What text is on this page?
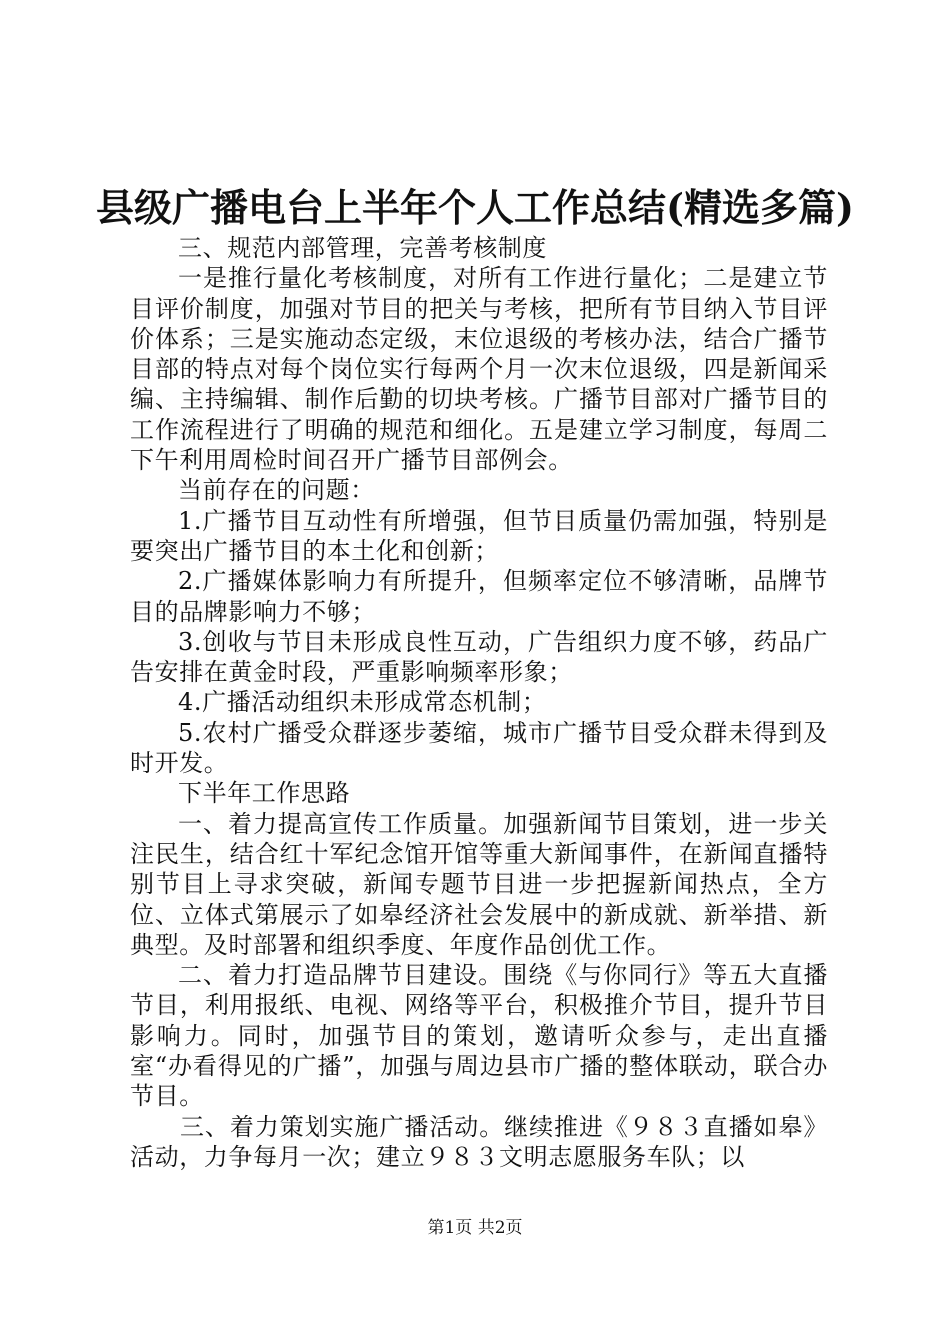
县级广播电台上半年个人工作总结(精选多篇)

三、规范内部管理，完善考核制度

一是推行量化考核制度，对所有工作进行量化；二是建立节目评价制度，加强对节目的把关与考核，把所有节目纳入节目评价体系；三是实施动态定级，末位退级的考核办法，结合广播节目部的特点对每个岗位实行每两个月一次末位退级，四是新闻采编、主持编辑、制作后勤的切块考核。广播节目部对广播节目的工作流程进行了明确的规范和细化。五是建立学习制度，每周二下午利用周检时间召开广播节目部例会。

当前存在的问题：

1.广播节目互动性有所增强，但节目质量仍需加强，特别是要突出广播节目的本土化和创新；

2.广播媒体影响力有所提升，但频率定位不够清晰，品牌节目的品牌影响力不够；

3.创收与节目未形成良性互动，广告组织力度不够，药品广告安排在黄金时段，严重影响频率形象；

4.广播活动组织未形成常态机制；

5.农村广播受众群逐步萎缩，城市广播节目受众群未得到及时开发。

下半年工作思路

一、着力提高宣传工作质量。加强新闻节目策划，进一步关注民生，结合红十军纪念馆开馆等重大新闻事件，在新闻直播特别节目上寻求突破，新闻专题节目进一步把握新闻热点，全方位、立体式第展示了如皋经济社会发展中的新成就、新举措、新典型。及时部署和组织季度、年度作品创优工作。

二、着力打造品牌节目建设。围绕《与你同行》等五大直播节目，利用报纸、电视、网络等平台，积极推介节目，提升节目影响力。同时，加强节目的策划，邀请听众参与，走出直播室“办看得见的广播”，加强与周边县市广播的整体联动，联合办节目。

三、着力策划实施广播活动。继续推进《９８３直播如皋》活动，力争每月一次；建立９８３文明志愿服务车队；以

第1页 共2页
